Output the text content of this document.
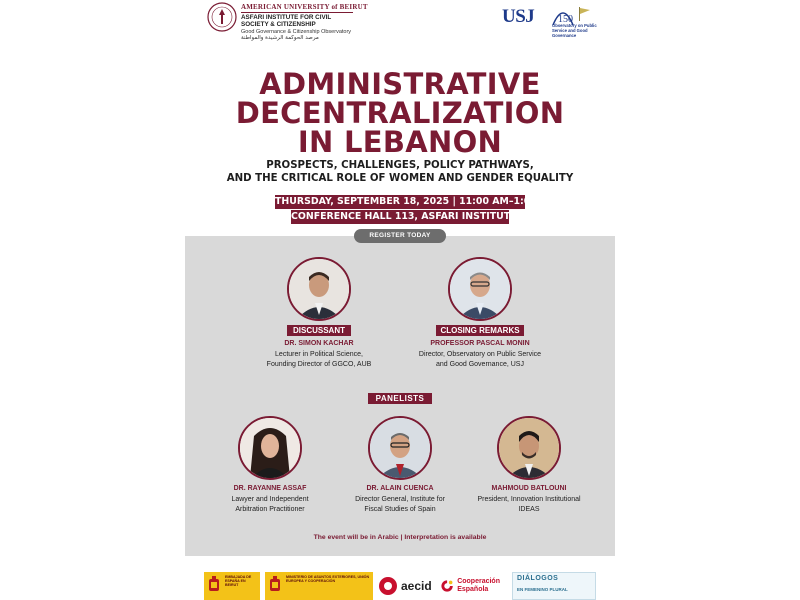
AMERICAN UNIVERSITY of BEIRUT
ASFARI INSTITUTE FOR CIVIL SOCIETY & CITIZENSHIP
Good Governance & Citizenship Observatory
مرصد الحوكمة الرشيدة والمواطنة
USJ 150
Observatory on Public Service and Good Governance
ADMINISTRATIVE
DECENTRALIZATION
IN LEBANON
PROSPECTS, CHALLENGES, POLICY PATHWAYS,
AND THE CRITICAL ROLE OF WOMEN AND GENDER EQUALITY
THURSDAY, SEPTEMBER 18, 2025 | 11:00 AM–1:00 PM
CONFERENCE HALL 113, ASFARI INSTITUTE, AUB
REGISTER TODAY
DISCUSSANT
DR. SIMON KACHAR
Lecturer in Political Science,
Founding Director of GGCO, AUB
CLOSING REMARKS
PROFESSOR PASCAL MONIN
Director, Observatory on Public Service
and Good Governance, USJ
PANELISTS
DR. RAYANNE ASSAF
Lawyer and Independent
Arbitration Practitioner
DR. ALAIN CUENCA
Director General, Institute for
Fiscal Studies of Spain
MAHMOUD BATLOUNI
President, Innovation Institutional
IDEAS
The event will be in Arabic | Interpretation is available
EMBAJADA DE ESPAÑA EN BEIRUT
MINISTERIO DE ASUNTOS EXTERIORES, UNIÓN EUROPEA Y COOPERACIÓN	aecid	Cooperación
Española
DIÁLOGOS
EN FEMENINO PLURAL
